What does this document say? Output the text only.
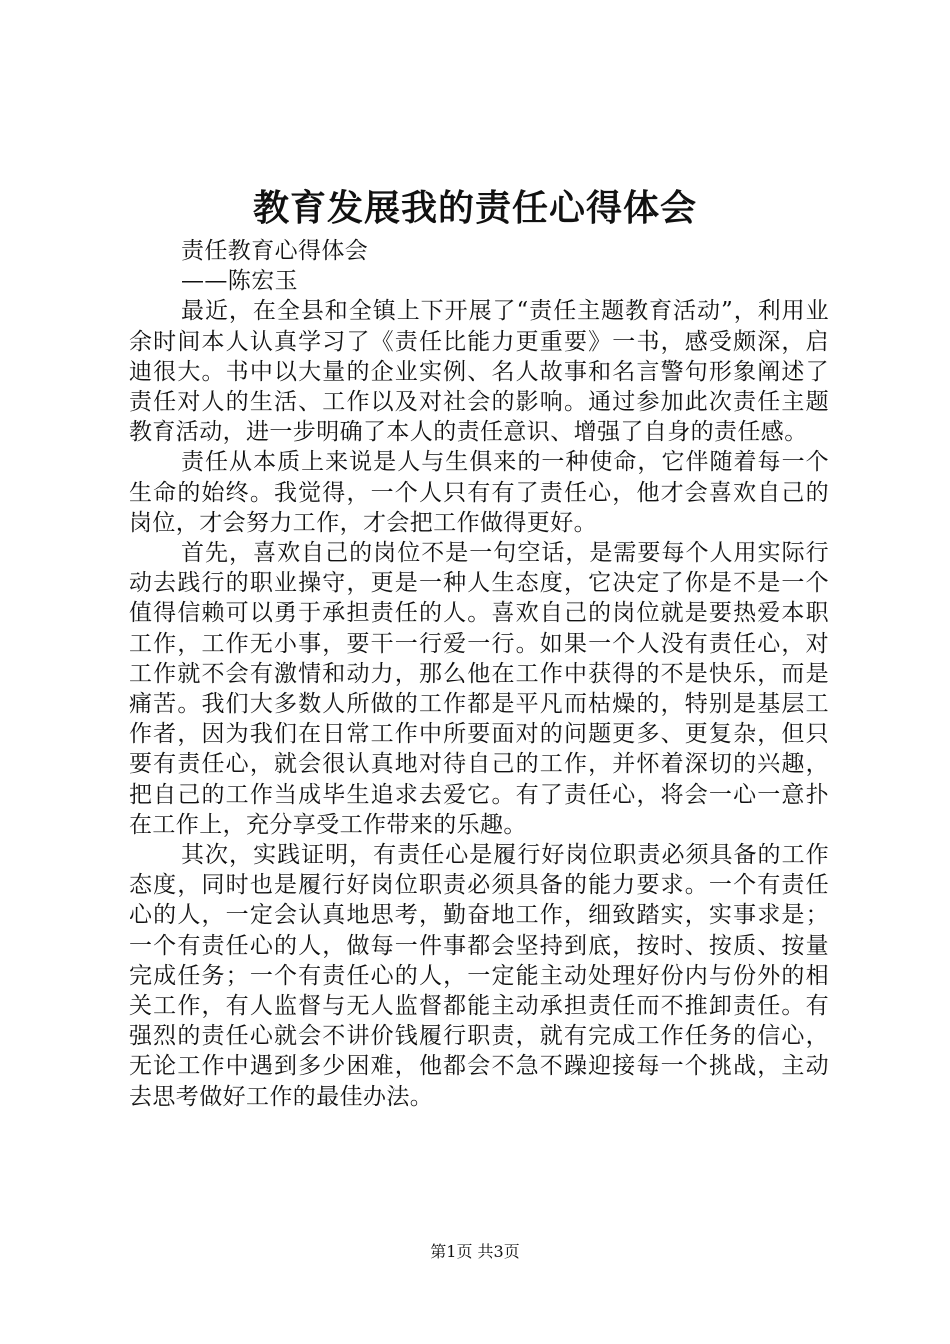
教育发展我的责任心得体会

责任教育心得体会

——陈宏玉

最近，在全县和全镇上下开展了“责任主题教育活动”，利用业余时间本人认真学习了《责任比能力更重要》一书，感受颇深，启迪很大。书中以大量的企业实例、名人故事和名言警句形象阐述了责任对人的生活、工作以及对社会的影响。通过参加此次责任主题教育活动，进一步明确了本人的责任意识、增强了自身的责任感。

责任从本质上来说是人与生俱来的一种使命，它伴随着每一个生命的始终。我觉得，一个人只有有了责任心，他才会喜欢自己的岗位，才会努力工作，才会把工作做得更好。

首先，喜欢自己的岗位不是一句空话，是需要每个人用实际行动去践行的职业操守，更是一种人生态度，它决定了你是不是一个值得信赖可以勇于承担责任的人。喜欢自己的岗位就是要热爱本职工作，工作无小事，要干一行爱一行。如果一个人没有责任心，对工作就不会有激情和动力，那么他在工作中获得的不是快乐，而是痛苦。我们大多数人所做的工作都是平凡而枯燥的，特别是基层工作者，因为我们在日常工作中所要面对的问题更多、更复杂，但只要有责任心，就会很认真地对待自己的工作，并怀着深切的兴趣，把自己的工作当成毕生追求去爱它。有了责任心，将会一心一意扑在工作上，充分享受工作带来的乐趣。

其次，实践证明，有责任心是履行好岗位职责必须具备的工作态度，同时也是履行好岗位职责必须具备的能力要求。一个有责任心的人，一定会认真地思考，勤奋地工作，细致踏实，实事求是；一个有责任心的人，做每一件事都会坚持到底，按时、按质、按量完成任务；一个有责任心的人，一定能主动处理好份内与份外的相关工作，有人监督与无人监督都能主动承担责任而不推卸责任。有强烈的责任心就会不讲价钱履行职责，就有完成工作任务的信心，无论工作中遇到多少困难，他都会不急不躁迎接每一个挑战，主动去思考做好工作的最佳办法。

第1页 共3页
